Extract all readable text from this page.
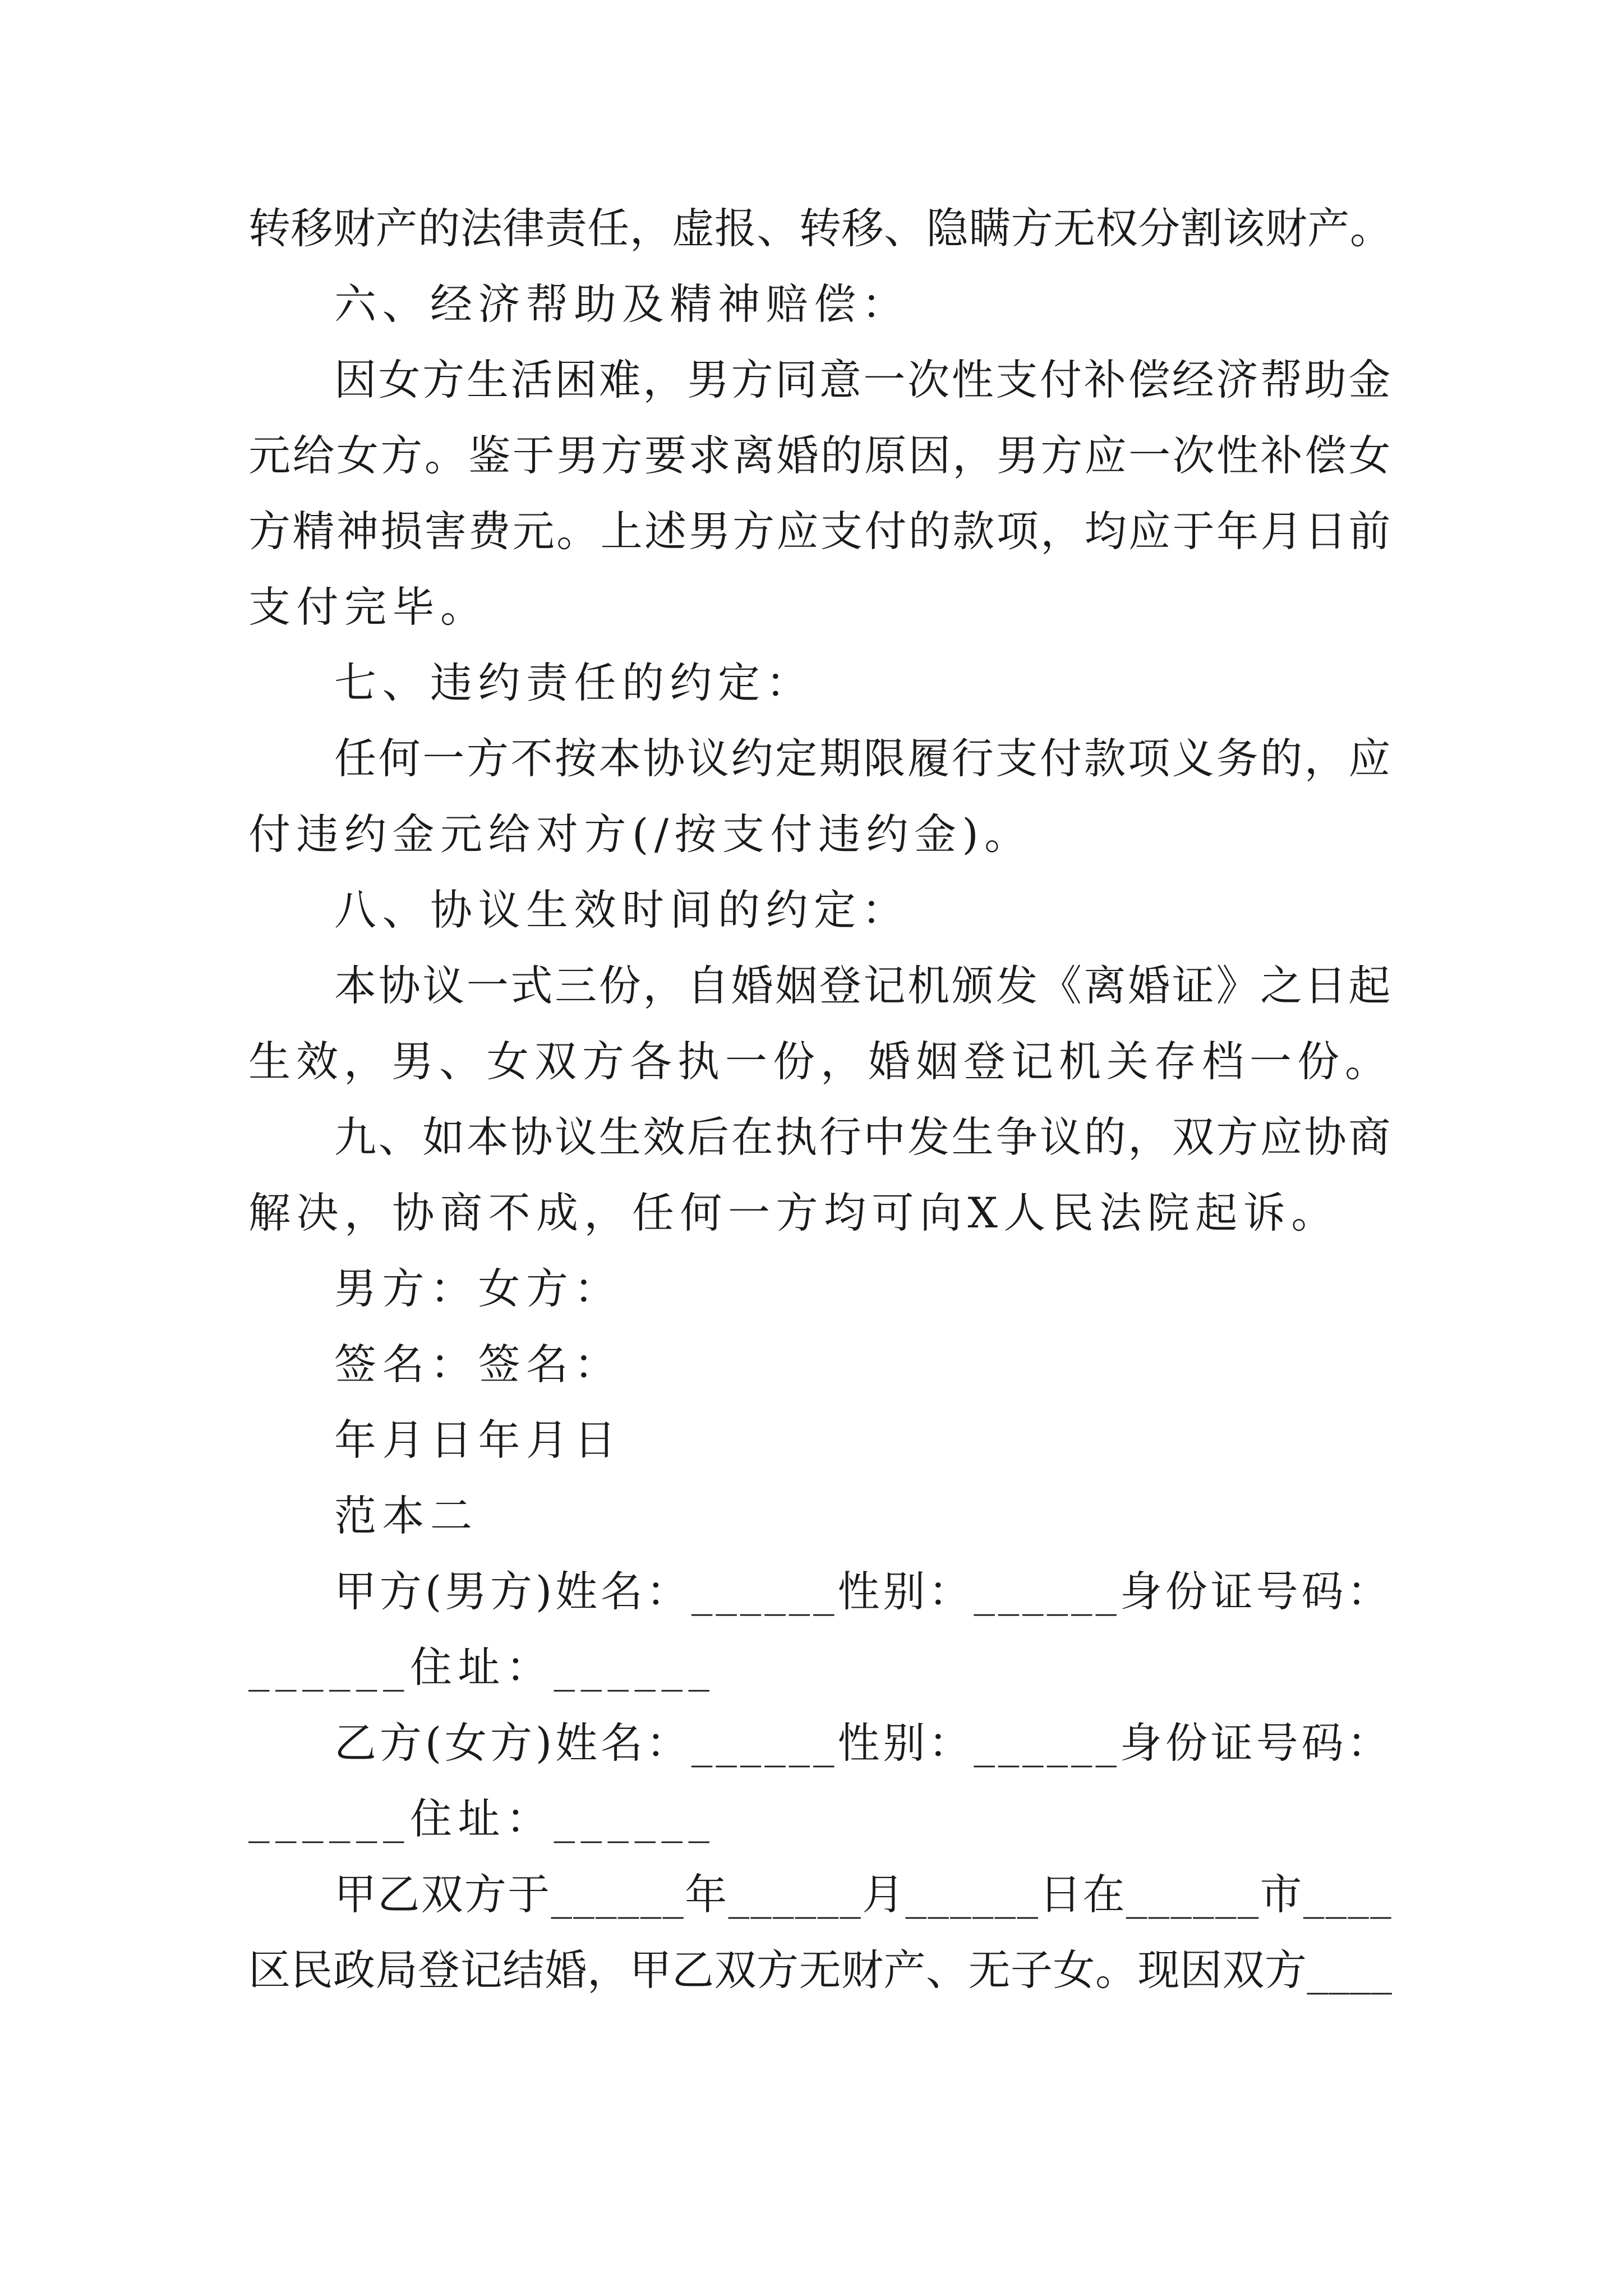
转移财产的法律责任，虚报、转移、隐瞒方无权分割该财产。
六、经济帮助及精神赔偿：
因女方生活困难，男方同意一次性支付补偿经济帮助金
元给女方。鉴于男方要求离婚的原因，男方应一次性补偿女
方精神损害费元。上述男方应支付的款项，均应于年月日前
支付完毕。
七、违约责任的约定：
任何一方不按本协议约定期限履行支付款项义务的，应
付违约金元给对方(/按支付违约金)。
八、协议生效时间的约定：
本协议一式三份，自婚姻登记机颁发《离婚证》之日起
生效，男、女双方各执一份，婚姻登记机关存档一份。
九、如本协议生效后在执行中发生争议的，双方应协商
解决，协商不成，任何一方均可向X人民法院起诉。
男方：女方：
签名：签名：
年月日年月日
范本二
甲方(男方)姓名：______性别：______身份证号码：
______住址：______
乙方(女方)姓名：______性别：______身份证号码：
______住址：______
甲乙双方于______年______月______日在______市____
区民政局登记结婚，甲乙双方无财产、无子女。现因双方____
